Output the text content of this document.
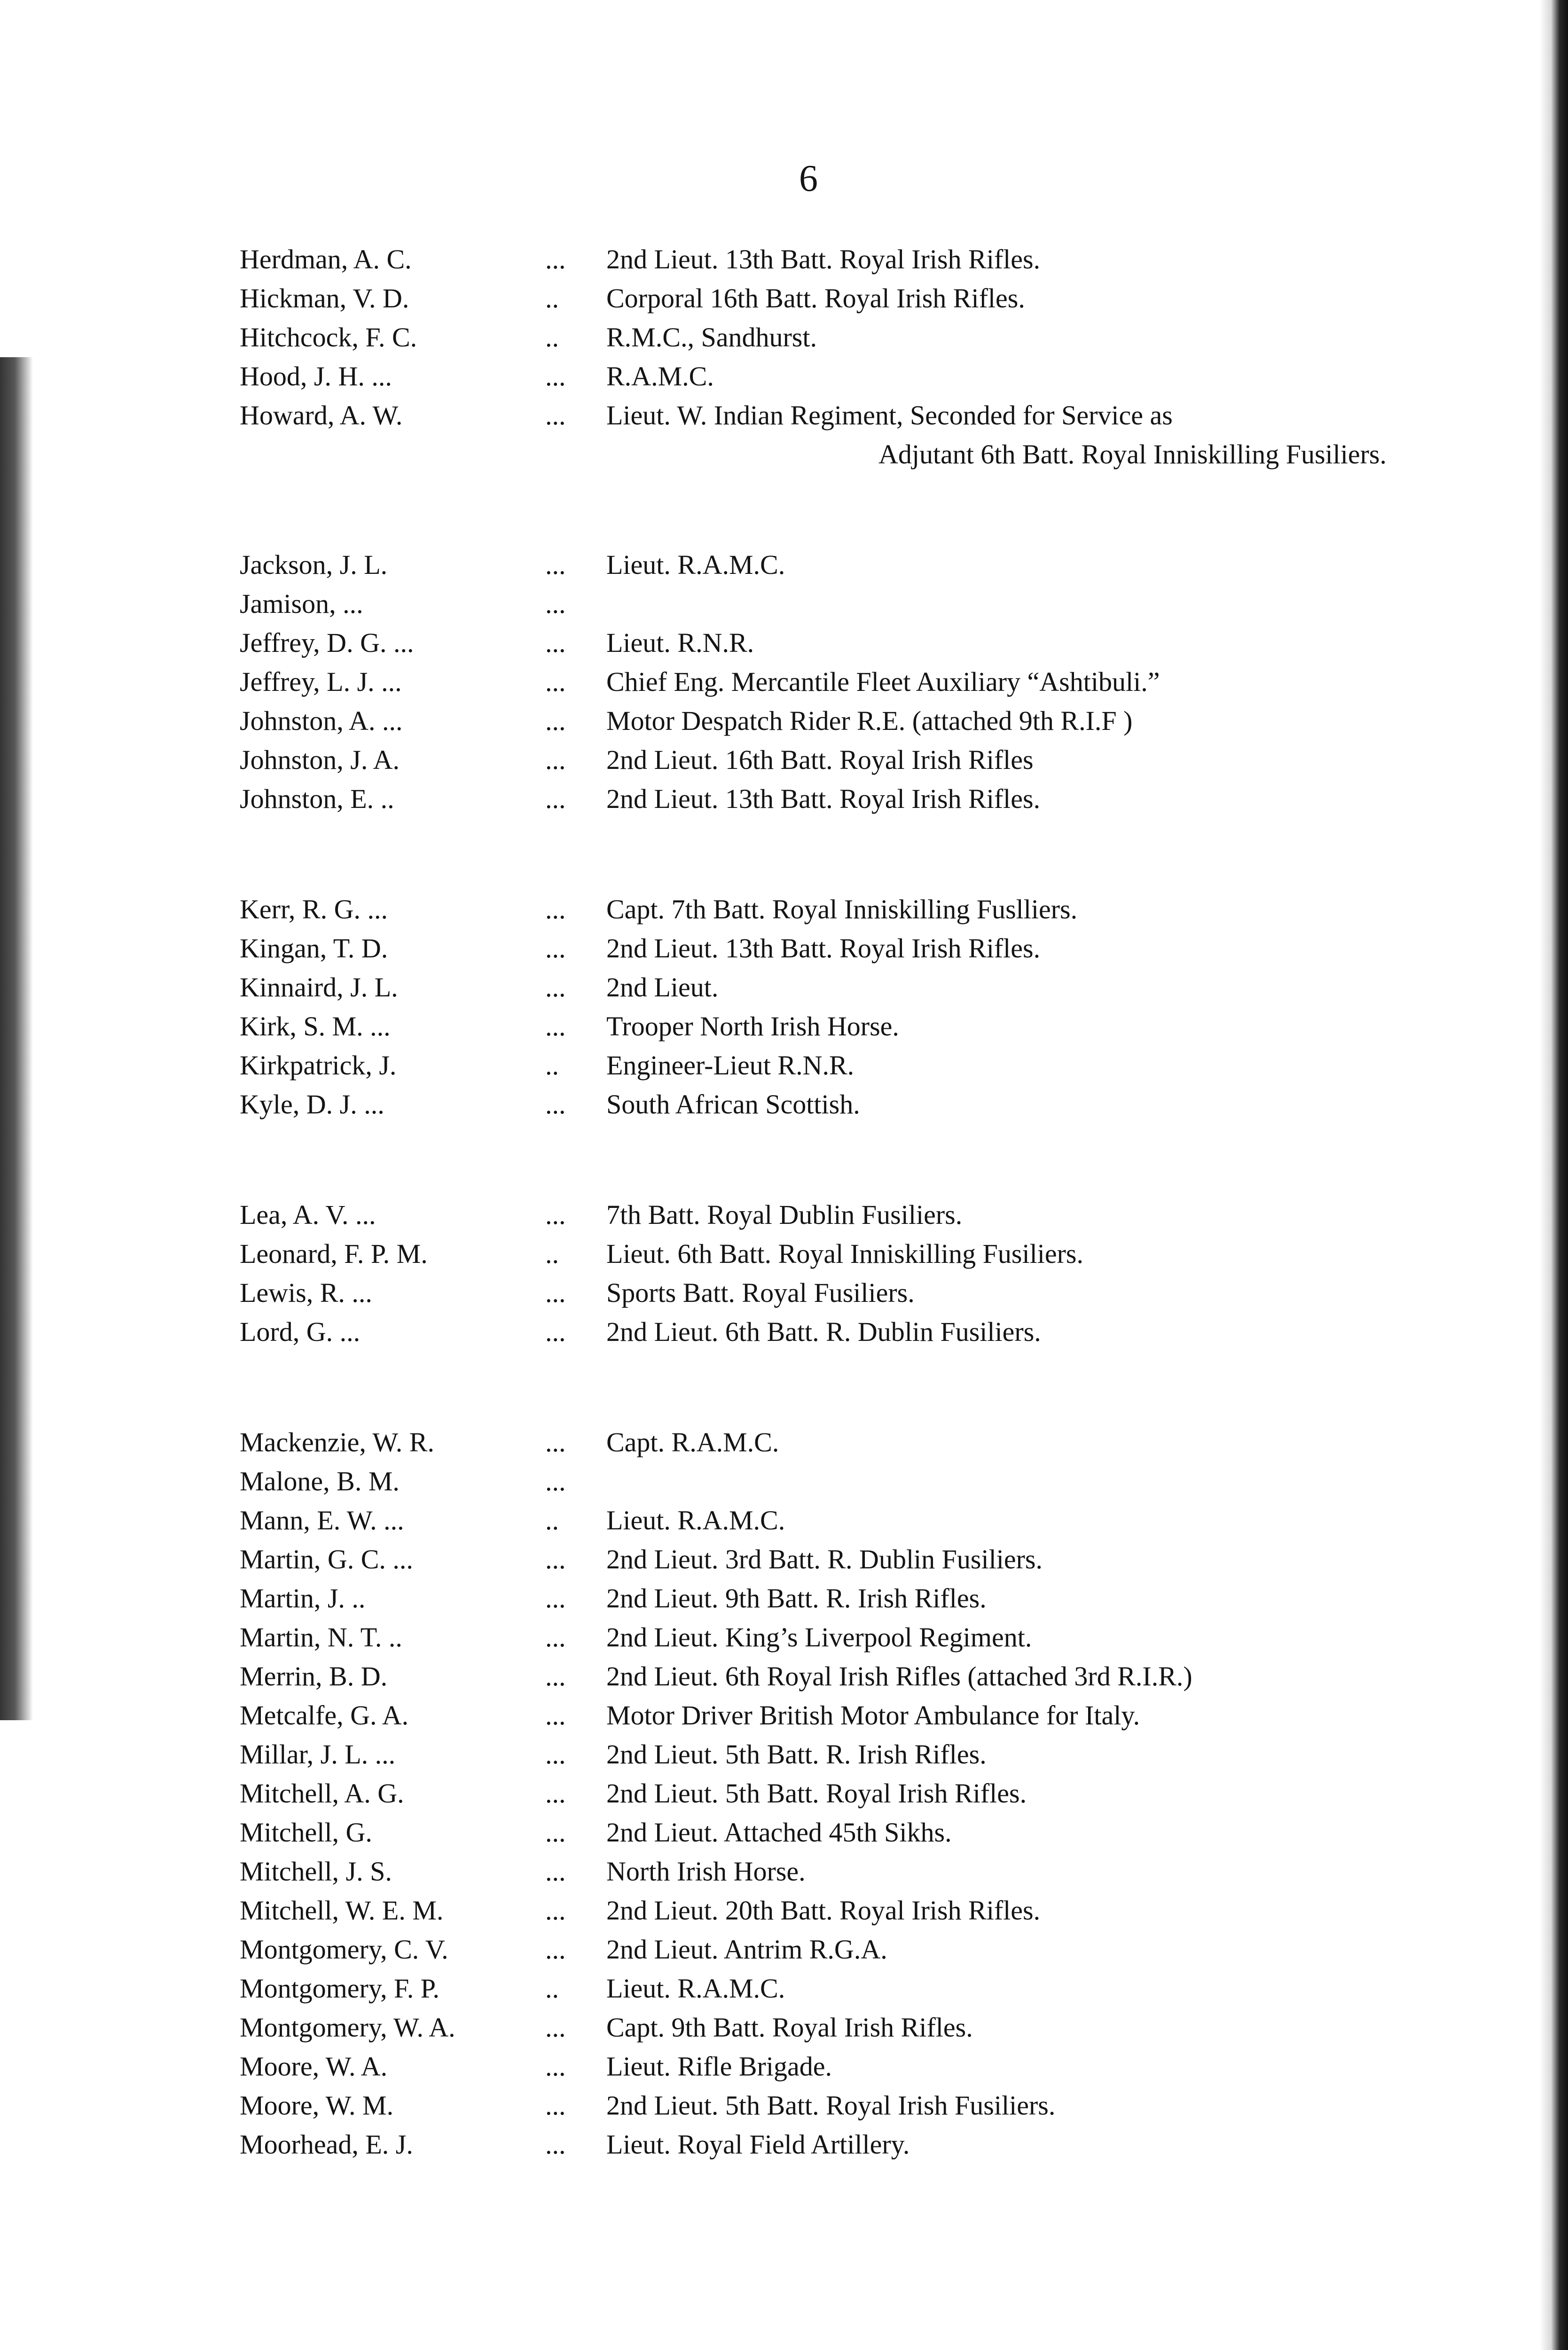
6
Herdman, A. C.	...	2nd Lieut. 13th Batt. Royal Irish Rifles.
Hickman, V. D.	..	Corporal 16th Batt. Royal Irish Rifles.
Hitchcock, F. C.	..	R.M.C., Sandhurst.
Hood, J. H. ...	...	R.A.M.C.
Howard, A. W.	...	Lieut. W. Indian Regiment, Seconded for Service as
Adjutant 6th Batt. Royal Inniskilling Fusiliers.
Jackson, J. L.	...	Lieut. R.A.M.C.
Jamison, ...	...
Jeffrey, D. G. ...	...	Lieut. R.N.R.
Jeffrey, L. J. ...	...	Chief Eng. Mercantile Fleet Auxiliary “Ashtibuli.”
Johnston, A. ...	...	Motor Despatch Rider R.E. (attached 9th R.I.F )
Johnston, J. A.	...	2nd Lieut. 16th Batt. Royal Irish Rifles
Johnston, E. ..	...	2nd Lieut. 13th Batt. Royal Irish Rifles.
Kerr, R. G. ...	...	Capt. 7th Batt. Royal Inniskilling Fuslliers.
Kingan, T. D.	...	2nd Lieut. 13th Batt. Royal Irish Rifles.
Kinnaird, J. L.	...	2nd Lieut.
Kirk, S. M. ...	...	Trooper North Irish Horse.
Kirkpatrick, J.	..	Engineer-Lieut R.N.R.
Kyle, D. J. ...	...	South African Scottish.
Lea, A. V. ...	...	7th Batt. Royal Dublin Fusiliers.
Leonard, F. P. M.	..	Lieut. 6th Batt. Royal Inniskilling Fusiliers.
Lewis, R. ...	...	Sports Batt. Royal Fusiliers.
Lord, G. ...	...	2nd Lieut. 6th Batt. R. Dublin Fusiliers.
Mackenzie, W. R.	...	Capt. R.A.M.C.
Malone, B. M.	...
Mann, E. W. ...	..	Lieut. R.A.M.C.
Martin, G. C. ...	...	2nd Lieut. 3rd Batt. R. Dublin Fusiliers.
Martin, J. ..	...	2nd Lieut. 9th Batt. R. Irish Rifles.
Martin, N. T. ..	...	2nd Lieut. King’s Liverpool Regiment.
Merrin, B. D.	...	2nd Lieut. 6th Royal Irish Rifles (attached 3rd R.I.R.)
Metcalfe, G. A.	...	Motor Driver British Motor Ambulance for Italy.
Millar, J. L. ...	...	2nd Lieut. 5th Batt. R. Irish Rifles.
Mitchell, A. G.	...	2nd Lieut. 5th Batt. Royal Irish Rifles.
Mitchell, G.	...	2nd Lieut. Attached 45th Sikhs.
Mitchell, J. S.	...	North Irish Horse.
Mitchell, W. E. M.	...	2nd Lieut. 20th Batt. Royal Irish Rifles.
Montgomery, C. V.	...	2nd Lieut. Antrim R.G.A.
Montgomery, F. P.	..	Lieut. R.A.M.C.
Montgomery, W. A.	...	Capt. 9th Batt. Royal Irish Rifles.
Moore, W. A.	...	Lieut. Rifle Brigade.
Moore, W. M.	...	2nd Lieut. 5th Batt. Royal Irish Fusiliers.
Moorhead, E. J.	...	Lieut. Royal Field Artillery.
